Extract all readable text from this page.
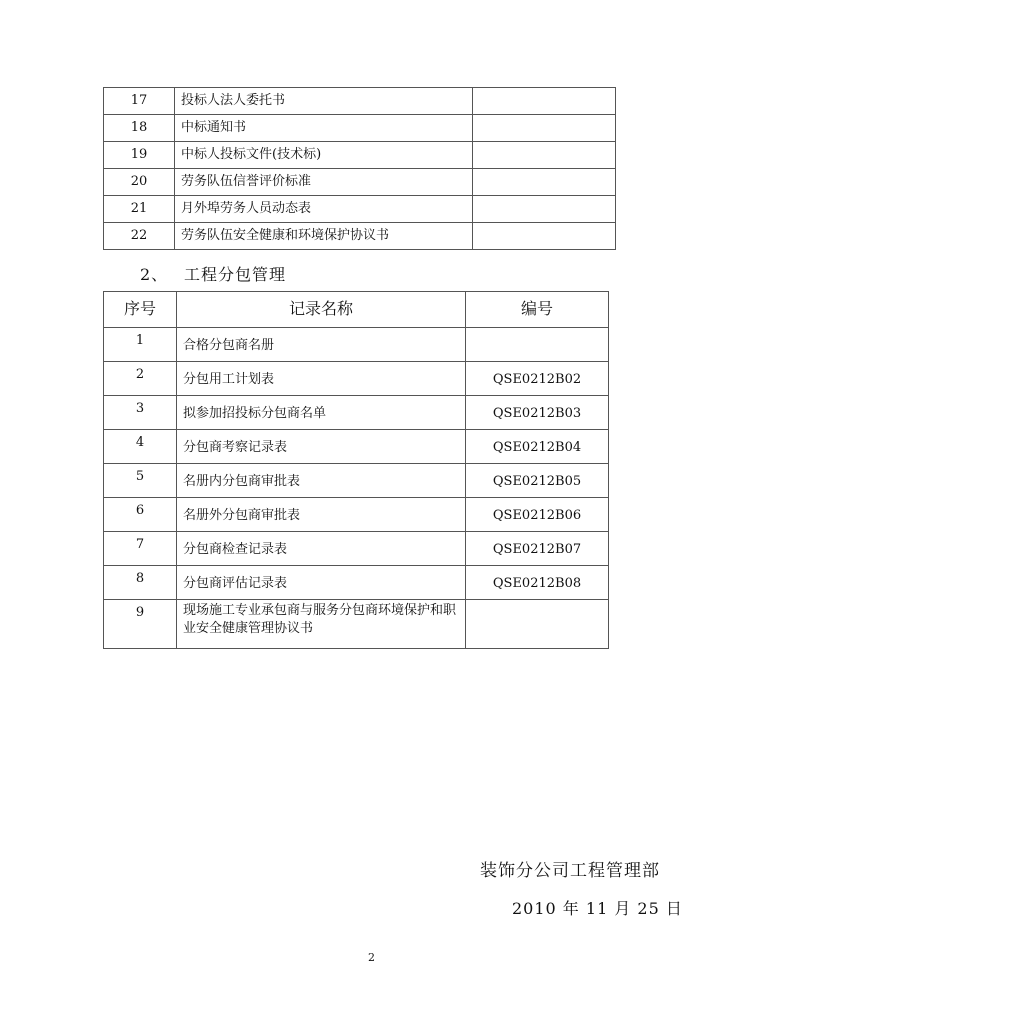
17	投标人法人委托书	
18	中标通知书	
19	中标人投标文件(技术标)	
20	劳务队伍信誉评价标准	
21	月外埠劳务人员动态表	
22	劳务队伍安全健康和环境保护协议书	
2、 工程分包管理
序号	记录名称	编号
1	合格分包商名册	
2	分包用工计划表	QSE0212B02
3	拟参加招投标分包商名单	QSE0212B03
4	分包商考察记录表	QSE0212B04
5	名册内分包商审批表	QSE0212B05
6	名册外分包商审批表	QSE0212B06
7	分包商检查记录表	QSE0212B07
8	分包商评估记录表	QSE0212B08
9	现场施工专业承包商与服务分包商环境保护和职业安全健康管理协议书	
装饰分公司工程管理部
2010 年 11 月 25 日
2
